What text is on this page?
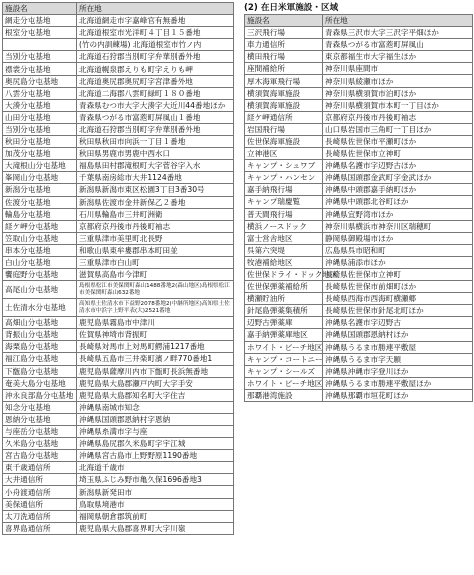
施設名	所在地
網走分屯基地	北海道網走市字嘉峰官有無番地
根室分屯基地	北海道根室市光洋町４丁目１５番地
	(竹の内訓練場) 北海道根室市竹ノ内
当別分屯基地	北海道石狩郡当別町字弁華別番外地
襟裳分屯基地	北海道幌泉郡えりも町字えりも岬
奥尻島分屯基地	北海道奥尻郡奥尻町字宮津番外地
八雲分屯基地	北海道二海郡八雲町緑町１８０番地
大湊分屯基地	青森県むつ市大字大湊字大近川44番地ほか
山田分屯基地	青森県つがる市富萢町屏風山１番地
当別分屯基地	北海道石狩郡当別町字弁華別番外地
秋田分屯基地	秋田県秋田市向浜一丁目１番地
加茂分屯基地	秋田県男鹿市男鹿中西水口
大滝根山分屯基地	福島県田村郡滝根町大字菅谷字入水
峯岡山分屯基地	千葉県南房総市大井1124番地
新潟分屯基地	新潟県新潟市東区松園3丁目3番30号
佐渡分屯基地	新潟県佐渡市金井新保乙２番地
輪島分屯基地	石川県輪島市三井町洲衛
経ケ岬分屯基地	京都府京丹後市丹後町袖志
笠取山分屯基地	三重県津市美里町北長野
串本分屯基地	和歌山県東牟婁郡串本町田並
白山分屯基地	三重県津市白山町
饗庭野分屯基地	滋賀県高島市今津町
高尾山分屯基地	島根県松江市美保関町森山1488番地2(森山地区)島根県松江市美保関町森山632番地
土佐清水分屯基地	高知県土佐清水市下益野2078番地2(中継所地区)高知県土佐清水市中浜字上野平表(大)2521番地
高畑山分屯基地	鹿児島県霧島市中津川
背振山分屯基地	佐賀県神埼市背振町
海栗島分屯基地	長崎県対馬市上対馬町鰐浦1217番地
福江島分屯基地	長崎県五島市三井楽町濱ノ畔770番地1
下甑島分屯基地	鹿児島県薩摩川内市下甑町長浜無番地
奄美大島分屯基地	鹿児島県大島郡瀬戸内町大字手安
沖永良部島分屯基地	鹿児島県大島郡知名町大字住吉
知念分屯基地	沖縄県南城市知念
恩納分屯基地	沖縄県国頭郡恩納村字恩納
与座岳分屯基地	沖縄県糸満市字与座
久米島分屯基地	沖縄県島尻郡久米島町字宇江城
宮古島分屯基地	沖縄県宮古島市上野野原1190番地
東千歳通信所	北海道千歳市
大井通信所	埼玉県ふじみ野市亀久保1696番地3
小舟渡通信所	新潟県新発田市
美保通信所	鳥取県境港市
太刀洗通信所	福岡県朝倉郡筑前町
喜界島通信所	鹿児島県大島郡喜界町大字川嶺
(2) 在日米軍施設・区域
施設名	所在地
三沢飛行場	青森県三沢市大字三沢字平畑ほか
車力通信所	青森県つがる市富萢町屏風山
横田飛行場	東京都福生市大字福生ほか
座間補給所	神奈川県座間市
厚木海軍飛行場	神奈川県綾瀬市ほか
横須賀海軍施設	神奈川県横須賀市泊町ほか
横須賀海軍施設	神奈川県横須賀市本町一丁目ほか
経ケ岬通信所	京都府京丹後市丹後町袖志
岩国飛行場	山口県岩国市三角町一丁目ほか
佐世保海軍施設	長崎県佐世保市平瀬町ほか
立神港区	長崎県佐世保市立神町
キャンプ・シュワブ	沖縄県名護市字辺野古ほか
キャンプ・ハンセン	沖縄県国頭郡金武町字金武ほか
嘉手納飛行場	沖縄県中頭郡嘉手納町ほか
キャンプ瑞慶覧	沖縄県中頭郡北谷町ほか
普天間飛行場	沖縄県宜野湾市ほか
横浜ノースドック	神奈川県横浜市神奈川区瑞穂町
富士営舎地区	静岡県御殿場市ほか
呉第六突堤	広島県呉市昭和町
牧港補給地区	沖縄県浦添市ほか
佐世保ドライ・ドック地区	長崎県佐世保市立神町
佐世保弾薬補給所	長崎県佐世保市前畑町ほか
横瀬貯油所	長崎県西海市西海町横瀬郷
針尾島弾薬集積所	長崎県佐世保市針尾北町ほか
辺野古弾薬庫	沖縄県名護市字辺野古
嘉手納弾薬庫地区	沖縄県国頭郡恩納村ほか
ホワイト・ビーチ地区	沖縄県うるま市勝連平敷屋
キャンプ・コートニー	沖縄県うるま市字天願
キャンプ・シールズ	沖縄県沖縄市字登川ほか
ホワイト・ビーチ地区	沖縄県うるま市勝連平敷屋ほか
那覇港湾施設	沖縄県那覇市垣花町ほか
